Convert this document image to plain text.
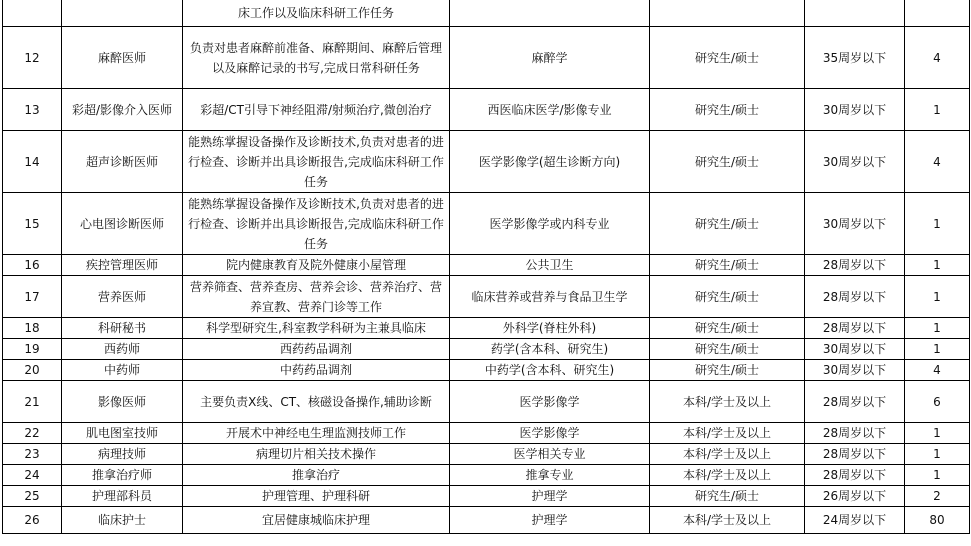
		床工作以及临床科研工作任务				
12	麻醉医师	负责对患者麻醉前准备、麻醉期间、麻醉后管理以及麻醉记录的书写,完成日常科研任务	麻醉学	研究生/硕士	35周岁以下	4
13	彩超/影像介入医师	彩超/CT引导下神经阻滞/射频治疗,微创治疗	西医临床医学/影像专业	研究生/硕士	30周岁以下	1
14	超声诊断医师	能熟练掌握设备操作及诊断技术,负责对患者的进行检查、诊断并出具诊断报告,完成临床科研工作任务	医学影像学(超生诊断方向)	研究生/硕士	30周岁以下	4
15	心电图诊断医师	能熟练掌握设备操作及诊断技术,负责对患者的进行检查、诊断并出具诊断报告,完成临床科研工作任务	医学影像学或内科专业	研究生/硕士	30周岁以下	1
16	疾控管理医师	院内健康教育及院外健康小屋管理	公共卫生	研究生/硕士	28周岁以下	1
17	营养医师	营养筛查、营养查房、营养会诊、营养治疗、营养宣教、营养门诊等工作	临床营养或营养与食品卫生学	研究生/硕士	28周岁以下	1
18	科研秘书	科学型研究生,科室教学科研为主兼具临床	外科学(脊柱外科)	研究生/硕士	28周岁以下	1
19	西药师	西药药品调剂	药学(含本科、研究生)	研究生/硕士	30周岁以下	1
20	中药师	中药药品调剂	中药学(含本科、研究生)	研究生/硕士	30周岁以下	4
21	影像医师	主要负责X线、CT、核磁设备操作,辅助诊断	医学影像学	本科/学士及以上	28周岁以下	6
22	肌电图室技师	开展术中神经电生理监测技师工作	医学影像学	本科/学士及以上	28周岁以下	1
23	病理技师	病理切片相关技术操作	医学相关专业	本科/学士及以上	28周岁以下	1
24	推拿治疗师	推拿治疗	推拿专业	本科/学士及以上	28周岁以下	1
25	护理部科员	护理管理、护理科研	护理学	研究生/硕士	26周岁以下	2
26	临床护士	宜居健康城临床护理	护理学	本科/学士及以上	24周岁以下	80
